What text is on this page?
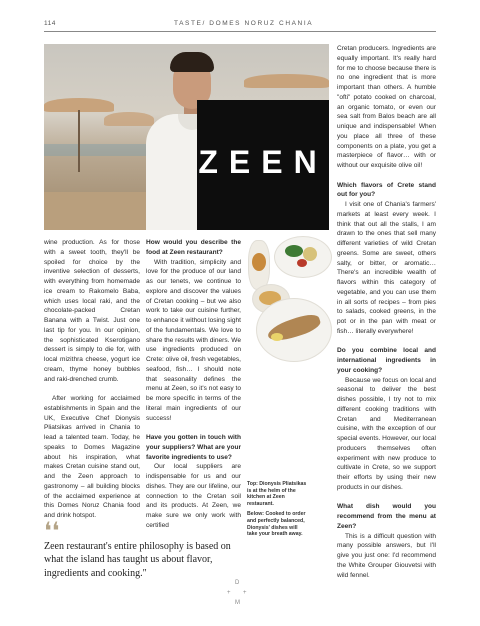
114	TASTE/ DOMES NORUZ CHANIA
ZEEN

wine production. As for those with a sweet tooth, they'll be spoiled for choice by the inventive selection of desserts, with everything from homemade ice cream to Rakomelo Baba, which uses local raki, and the chocolate-packed Cretan Banana with a Twist. Just one last tip for you. In our opinion, the sophisticated Kserotigano dessert is simply to die for, with local mizithra cheese, yogurt ice cream, thyme honey bubbles and raki-drenched crumb.

After working for acclaimed establishments in Spain and the UK, Executive Chef Dionysis Pliatsikas arrived in Chania to lead a talented team. Today, he speaks to Domes Magazine about his inspiration, what makes Cretan cuisine stand out, and the Zeen approach to gastronomy – all building blocks of the acclaimed experience at this Domes Noruz Chania food and drink hotspot.

❛❛
Zeen restaurant's entire philosophy is based on what the island has taught us about flavor, ingredients and cooking."

How would you describe the food at Zeen restaurant?

With tradition, simplicity and love for the produce of our land as our tenets, we continue to explore and discover the values of Cretan cooking – but we also work to take our cuisine further, to enhance it without losing sight of the fundamentals. We love to share the results with diners. We use ingredients produced on Crete: olive oil, fresh vegetables, seafood, fish… I should note that seasonality defines the menu at Zeen, so it's not easy to be more specific in terms of the literal main ingredients of our success!

Have you gotten in touch with your suppliers? What are your favorite ingredients to use?

Our local suppliers are indispensable for us and our dishes. They are our lifeline, our connection to the Cretan soil and its products. At Zeen, we make sure we only work with certified

Top: Dionysis Pliatsikas is at the helm of the kitchen at Zeen restaurant.

Below: Cooked to order and perfectly balanced, Dionysis' dishes will take your breath away.

Cretan producers. Ingredients are equally important. It's really hard for me to choose because there is no one ingredient that is more important than others. A humble "ofti" potato cooked on charcoal, an organic tomato, or even our sea salt from Balos beach are all unique and indispensable! When you place all three of these components on a plate, you get a masterpiece of flavor… with or without our exquisite olive oil!

Which flavors of Crete stand out for you?

I visit one of Chania's farmers' markets at least every week. I think that out all the stalls, I am drawn to the ones that sell many different varieties of wild Cretan greens. Some are sweet, others salty, or bitter, or aromatic… There's an incredible wealth of flavors within this category of vegetable, and you can use them in all sorts of recipes – from pies to salads, cooked greens, in the pot or in the pan with meat or fish… literally everywhere!

Do you combine local and international ingredients in your cooking?

Because we focus on local and seasonal to deliver the best dishes possible, I try not to mix different cooking traditions with Cretan and Mediterranean cuisine, with the exception of our special events. However, our local producers themselves often experiment with new produce to cultivate in Crete, so we support their efforts by using their new products in our dishes.

What dish would you recommend from the menu at Zeen?

This is a difficult question with many possible answers, but I'll give you just one: I'd recommend the White Grouper Giouvetsi with wild fennel.

D
+ +
M
